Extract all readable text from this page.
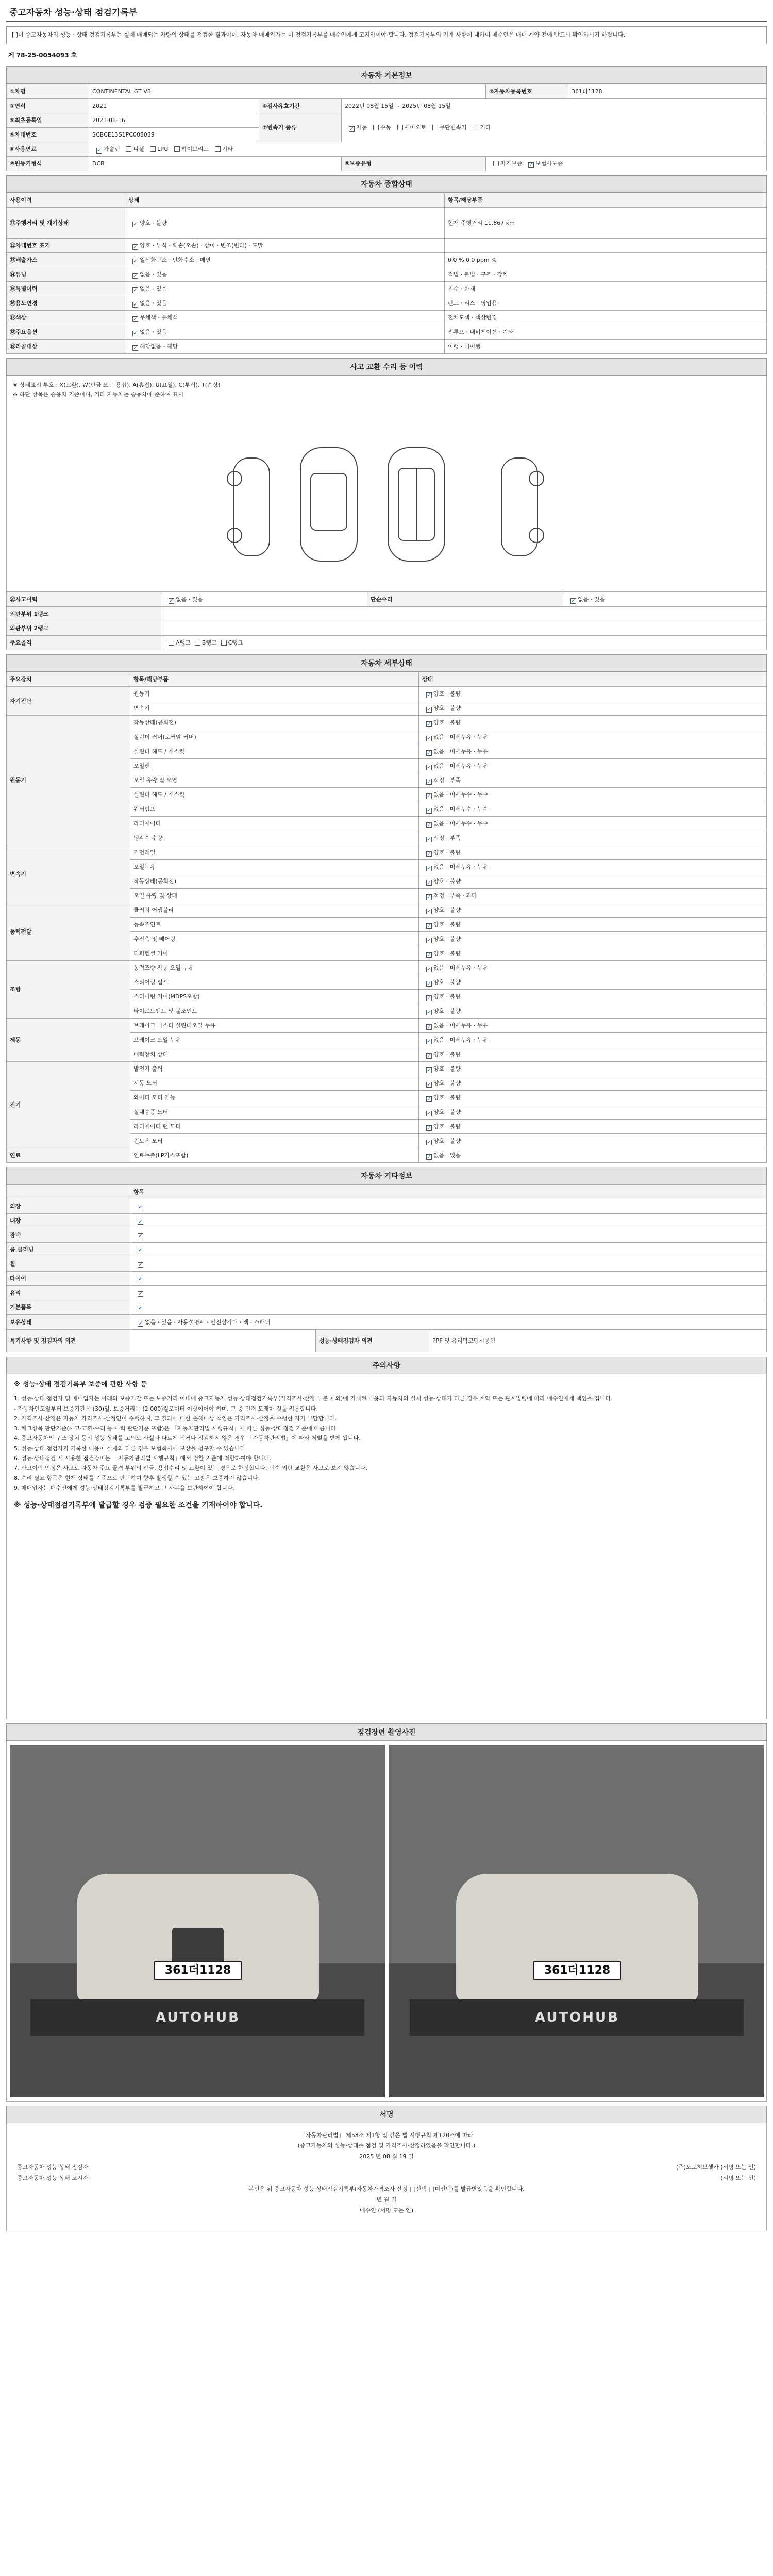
중고자동차 성능·상태 점검기록부
[ ]이 중고자동차의 성능ㆍ상태 점검기록부는 실제 매매되는 차량의 상태를 점검한 결과이며, 자동차 매매업자는 이 점검기록부를 매수인에게 고지하여야 합니다. 점검기록부의 기재 사항에 대하여 매수인은 매매 계약 전에 반드시 확인하시기 바랍니다.
제 78-25-0054093 호
자동차 기본정보
①차명	CONTINENTAL GT V8			②자동차등록번호	361더1128
③연식	2021	④검사유효기간	2022년 08월 15일 ~ 2025년 08월 15일		
⑤최초등록일	2021-08-16	⑦변속기 종류	✓자동 수동 세미오토 무단변속기 기타
⑥차대번호	SCBCE13S1PC008089				
⑧사용연료	✓가솔린 디젤 LPG 하이브리드 기타
⑩원동기형식	DCB		⑨보증유형	자가보증 ✓ 보험사보증
자동차 종합상태
사용이력	상태	항목/해당부품
⑪주행거리 및 계기상태	✓양호 · 불량	현재 주행거리 11,867 km
⑫차대번호 표기	✓양호 · 부식 · 훼손(오손) · 상이 · 변조(변타) · 도말	
⑬배출가스	✓일산화탄소 · 탄화수소 · 매연	0.0 % 0.0 ppm %
⑭튜닝	✓없음 · 있음	적법 · 불법 · 구조 · 장치
⑮특별이력	✓없음 · 있음	침수 · 화재
⑯용도변경	✓없음 · 있음	렌트 · 리스 · 영업용
⑰색상	✓무채색 · 유채색	전체도색 · 색상변경
⑱주요옵션	✓없음 · 있음	썬루프 · 내비게이션 · 기타
⑲리콜대상	✓해당없음 · 해당	이행 · 미이행
사고 교환 수리 등 이력
※ 상태표시 부호 : X(교환), W(판금 또는 용접), A(흠집), U(요철), C(부식), T(손상)
※ 하단 항목은 승용차 기준이며, 기타 자동차는 승용차에 준하여 표시
⑳사고이력	✓없음 · 있음	단순수리	✓없음 · 있음
외판부위 1랭크			
외판부위 2랭크			
주요골격	A랭크 B랭크 C랭크		
자동차 세부상태
주요장치	항목/해당부품	상태
자기진단	원동기	✓양호 · 불량
	변속기	✓양호 · 불량
원동기	작동상태(공회전)	✓양호 · 불량
	실린더 커버(로커암 커버)	✓없음 · 미세누유 · 누유
	실린더 헤드 / 개스킷	✓없음 · 미세누유 · 누유
	오일팬	✓없음 · 미세누유 · 누유
	오일 유량 및 오염	✓적정 · 부족
	실린더 헤드 / 개스킷	✓없음 · 미세누수 · 누수
	워터펌프	✓없음 · 미세누수 · 누수
	라디에이터	✓없음 · 미세누수 · 누수
	냉각수 수량	✓적정 · 부족
변속기	커먼레일	✓양호 · 불량
	오일누유	✓없음 · 미세누유 · 누유
	작동상태(공회전)	✓양호 · 불량
	오일 유량 및 상태	✓적정 · 부족 · 과다
동력전달	클러치 어셈블리	✓양호 · 불량
	등속조인트	✓양호 · 불량
	추진축 및 베어링	✓양호 · 불량
	디퍼렌셜 기어	✓양호 · 불량
조향	동력조향 작동 오일 누유	✓없음 · 미세누유 · 누유
	스티어링 펌프	✓양호 · 불량
	스티어링 기어(MDPS포함)	✓양호 · 불량
	타이로드엔드 및 볼조인트	✓양호 · 불량
제동	브레이크 마스터 실린더오일 누유	✓없음 · 미세누유 · 누유
	브레이크 오일 누유	✓없음 · 미세누유 · 누유
	배력장치 상태	✓양호 · 불량
전기	발전기 출력	✓양호 · 불량
	시동 모터	✓양호 · 불량
	와이퍼 모터 기능	✓양호 · 불량
	실내송풍 모터	✓양호 · 불량
	라디에이터 팬 모터	✓양호 · 불량
	윈도우 모터	✓양호 · 불량
연료	연료누출(LP가스포함)	✓없음 · 있음
자동차 기타정보
	항목
외장	✓
내장	✓
광택	✓
룸 클리닝	✓
휠	✓
타이어	✓
유리	✓
기본품목	✓
보유상태	✓없음 · 있음 · 사용설명서 · 안전삼각대 · 잭 · 스패너
특기사항 및 점검자의 의견		성능·상태점검자 의견	PPF 및 유리막코팅시공됨
주의사항
※ 성능·상태 점검기록부 보증에 관한 사항 등

1. 성능·상태 점검자 및 매매업자는 아래의 보증기간 또는 보증거리 이내에 중고자동차 성능·상태점검기록부(가격조사·산정 부분 제외)에 기재된 내용과 자동차의 실제 성능·상태가 다른 경우 계약 또는 관계법령에 따라 매수인에게 책임을 집니다.

- 자동차인도일부터 보증기간은 (30)일, 보증거리는 (2,000)킬로미터 이상이어야 하며, 그 중 먼저 도래한 것을 적용합니다.

2. 가격조사·산정은 자동차 가격조사·산정인이 수행하며, 그 결과에 대한 손해배상 책임은 가격조사·산정을 수행한 자가 부담합니다.

3. 체크항목 판단기준(사고·교환·수리 등 이력 판단기준 포함)은 「자동차관리법 시행규칙」에 따른 성능·상태점검 기준에 따릅니다.

4. 중고자동차의 구조·장치 등의 성능·상태를 고의로 사실과 다르게 적거나 점검하지 않은 경우 「자동차관리법」에 따라 처벌을 받게 됩니다.

5. 성능·상태 점검자가 기록한 내용이 실제와 다른 경우 보험회사에 보상을 청구할 수 있습니다.

6. 성능·상태점검 시 사용한 점검장비는 「자동차관리법 시행규칙」에서 정한 기준에 적합하여야 합니다.

7. 사고이력 인정은 사고로 자동차 주요 골격 부위의 판금, 용접수리 및 교환이 있는 경우로 한정합니다. 단순 외판 교환은 사고로 보지 않습니다.

8. 수리 필요 항목은 현재 상태를 기준으로 판단하며 향후 발생할 수 있는 고장은 보증하지 않습니다.

9. 매매업자는 매수인에게 성능·상태점검기록부를 발급하고 그 사본을 보관하여야 합니다.

※ 성능·상태점검기록부에 발급할 경우 검증 필요한 조건을 기재하여야 합니다.
점검장면 촬영사진
361더1128
AUTOHUB
361더1128
AUTOHUB
서명
「자동차관리법」 제58조 제1항 및 같은 법 시행규칙 제120조에 따라
(중고자동차의 성능·상태를 점검 및 가격조사·산정하였음을 확인합니다.)
2025 년 08 월 19 일
중고자동차 성능·상태 점검자	(주)오토허브셀카 (서명 또는 인)
중고자동차 성능·상태 고지자	(서명 또는 인)
본인은 위 중고자동차 성능·상태점검기록부(자동차가격조사·산정 [ ]선택 [ ]미선택)를 발급받았음을 확인합니다.
년 월 일
매수인 (서명 또는 인)
